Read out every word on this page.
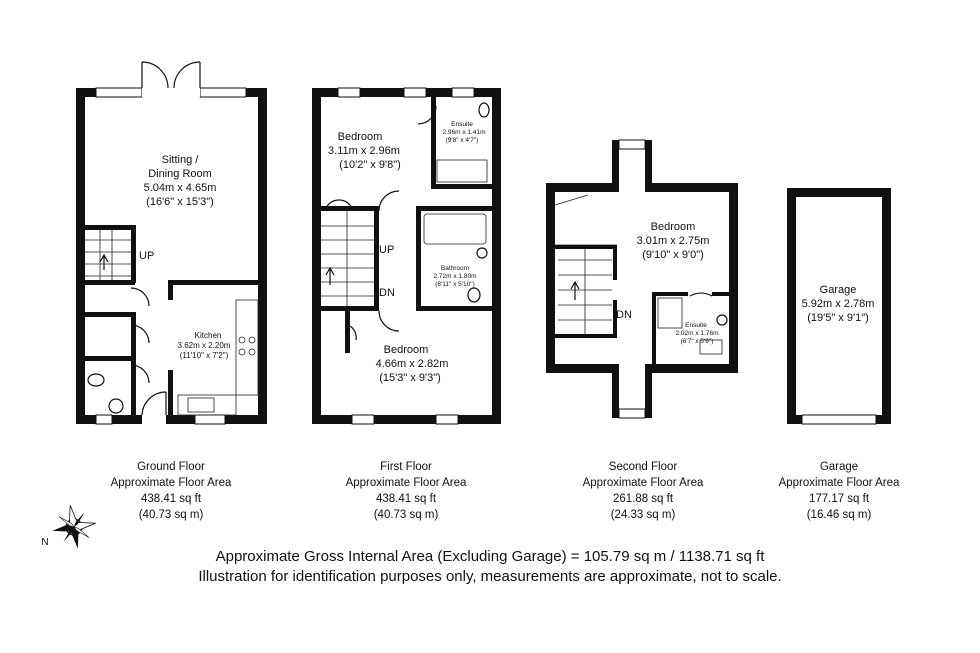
Sitting /
Dining Room
5.04m x 4.65m
(16'6" x 15'3")
Kitchen
3.62m x 2.20m
(11'10" x 7'2")
UP
Bedroom
3.11m x 2.96m
(10'2" x 9'8")
Ensuite
2.96m x 1.41m
(9'8" x 4'7")
Bathroom
2.72m x 1.80m
(8'11" x 5'10")
Bedroom
4.66m x 2.82m
(15'3" x 9'3")
UP
DN
Bedroom
3.01m x 2.75m
(9'10" x 9'0")
Ensuite
2.02m x 1.76m
(6'7" x 5'9")
DN
Garage
5.92m x 2.78m
(19'5" x 9'1")
N
Ground Floor
Approximate Floor Area
438.41 sq ft
(40.73 sq m)
First Floor
Approximate Floor Area
438.41 sq ft
(40.73 sq m)
Second Floor
Approximate Floor Area
261.88 sq ft
(24.33 sq m)
Garage
Approximate Floor Area
177.17 sq ft
(16.46 sq m)
Approximate Gross Internal Area (Excluding Garage) = 105.79 sq m / 1138.71 sq ft
Illustration for identification purposes only, measurements are approximate, not to scale.
